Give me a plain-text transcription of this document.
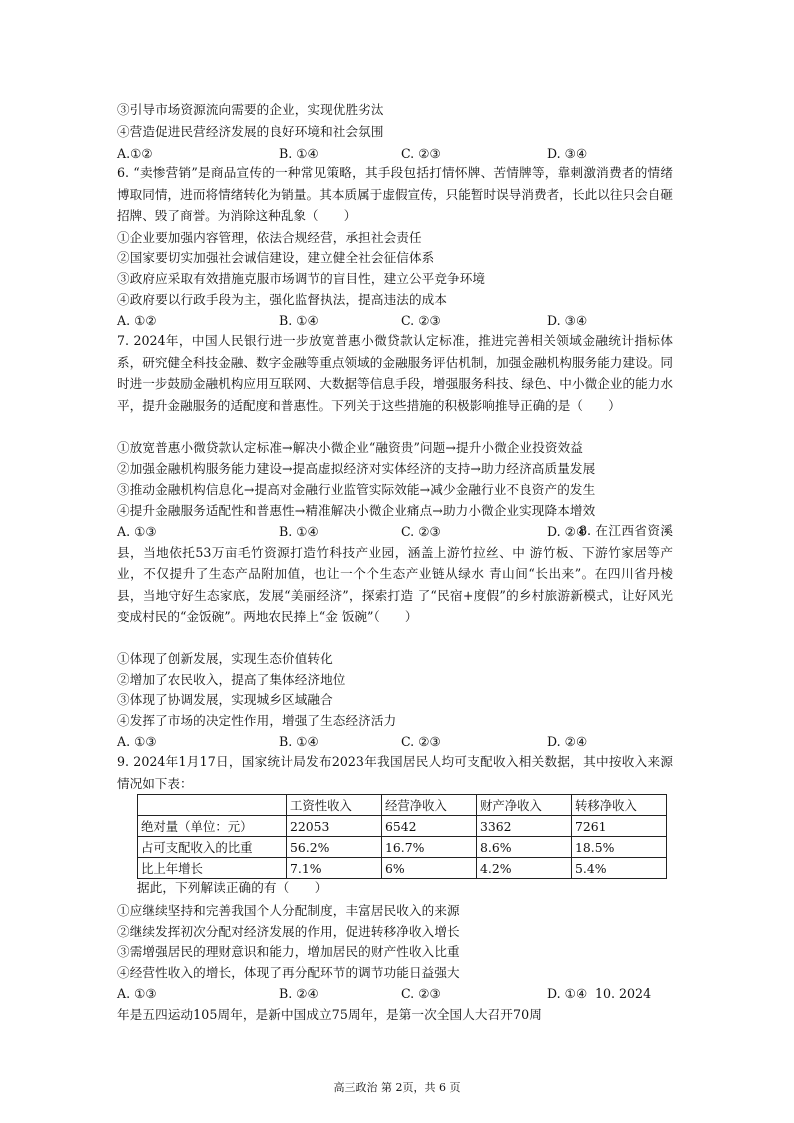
③引导市场资源流向需要的企业，实现优胜劣汰
④营造促进民营经济发展的良好环境和社会氛围
A.①②	B. ①④	C. ②③	D. ③④
6. “卖惨营销”是商品宣传的一种常见策略，其手段包括打情怀牌、苦情牌等，靠刺激消费者的情绪博取同情，进而将情绪转化为销量。其本质属于虚假宣传，只能暂时误导消费者，长此以往只会自砸招牌、毁了商誉。为消除这种乱象（　　）
①企业要加强内容管理，依法合规经营，承担社会责任
②国家要切实加强社会诚信建设，建立健全社会征信体系
③政府应采取有效措施克服市场调节的盲目性，建立公平竞争环境
④政府要以行政手段为主，强化监督执法，提高违法的成本
A. ①②	B. ①④	C. ②③	D. ③④
7. 2024年，中国人民银行进一步放宽普惠小微贷款认定标准，推进完善相关领域金融统计指标体系，研究健全科技金融、数字金融等重点领域的金融服务评估机制，加强金融机构服务能力建设。同时进一步鼓励金融机构应用互联网、大数据等信息手段，增强服务科技、绿色、中小微企业的能力水平，提升金融服务的适配度和普惠性。下列关于这些措施的积极影响推导正确的是（　　）
①放宽普惠小微贷款认定标准→解决小微企业“融资贵”问题→提升小微企业投资效益
②加强金融机构服务能力建设→提高虚拟经济对实体经济的支持→助力经济高质量发展
③推动金融机构信息化→提高对金融行业监管实际效能→减少金融行业不良资产的发生
④提升金融服务适配性和普惠性→精准解决小微企业痛点→助力小微企业实现降本增效
A. ①③	B. ①④	C. ②③	D. ②④
8. 在江西省资溪县，当地依托53万亩毛竹资源打造竹科技产业园，涵盖上游竹拉丝、中 游竹板、下游竹家居等产业，不仅提升了生态产品附加值，也让一个个生态产业链从绿水 青山间“长出来”。在四川省丹棱县，当地守好生态家底，发展“美丽经济”，探索打造 了“民宿+度假”的乡村旅游新模式，让好风光变成村民的“金饭碗”。两地农民捧上“金 饭碗”（　　）
①体现了创新发展，实现生态价值转化
②增加了农民收入，提高了集体经济地位
③体现了协调发展，实现城乡区域融合
④发挥了市场的决定性作用，增强了生态经济活力
A. ①③	B. ①④	C. ②③	D. ②④
9. 2024年1月17日，国家统计局发布2023年我国居民人均可支配收入相关数据，其中按收入来源情况如下表：
	工资性收入	经营净收入	财产净收入	转移净收入
绝对量（单位：元）	22053	6542	3362	7261
占可支配收入的比重	56.2%	16.7%	8.6%	18.5%
比上年增长	7.1%	6%	4.2%	5.4%
据此，下列解读正确的有（　　）
①应继续坚持和完善我国个人分配制度，丰富居民收入的来源
②继续发挥初次分配对经济发展的作用，促进转移净收入增长
③需增强居民的理财意识和能力，增加居民的财产性收入比重
④经营性收入的增长，体现了再分配环节的调节功能日益强大
A. ①③	B. ②④	C. ②③	D. ①④ 10. 2024
年是五四运动105周年，是新中国成立75周年，是第一次全国人大召开70周
高三政治 第 2页，共 6 页
